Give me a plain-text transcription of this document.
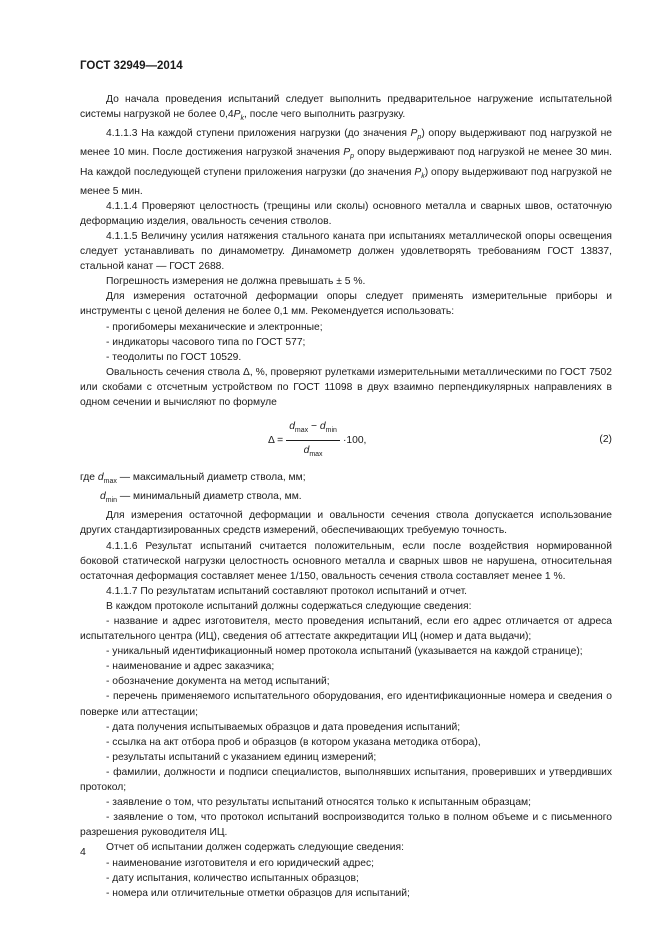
ГОСТ 32949—2014

До начала проведения испытаний следует выполнить предварительное нагружение испытательной системы нагрузкой не более $0,4P_k$, после чего выполнить разгрузку.

4.1.1.3 На каждой ступени приложения нагрузки (до значения $P_р$) опору выдерживают под нагрузкой не менее 10 мин. После достижения нагрузкой значения $P_р$ опору выдерживают под нагрузкой не менее 30 мин. На каждой последующей ступени приложения нагрузки (до значения $P_k$) опору выдерживают под нагрузкой не менее 5 мин.

4.1.1.4 Проверяют целостность (трещины или сколы) основного металла и сварных швов, остаточную деформацию изделия, овальность сечения стволов.

4.1.1.5 Величину усилия натяжения стального каната при испытаниях металлической опоры освещения следует устанавливать по динамометру. Динамометр должен удовлетворять требованиям ГОСТ 13837, стальной канат — ГОСТ 2688.

Погрешность измерения не должна превышать ± 5 %.

Для измерения остаточной деформации опоры следует применять измерительные приборы и инструменты с ценой деления не более 0,1 мм. Рекомендуется использовать:

- прогибомеры механические и электронные;

- индикаторы часового типа по ГОСТ 577;

- теодолиты по ГОСТ 10529.

Овальность сечения ствола Δ, %, проверяют рулетками измерительными металлическими по ГОСТ 7502 или скобами с отсчетным устройством по ГОСТ 11098 в двух взаимно перпендикулярных направлениях в одном сечении и вычисляют по формуле

$\Delta = \frac{d_{max} - d_{min}}{d_{max}} \cdot 100$,	(2)

где $d_{max}$ — максимальный диаметр ствола, мм;

$d_{min}$ — минимальный диаметр ствола, мм.

Для измерения остаточной деформации и овальности сечения ствола допускается использование других стандартизированных средств измерений, обеспечивающих требуемую точность.

4.1.1.6 Результат испытаний считается положительным, если после воздействия нормированной боковой статической нагрузки целостность основного металла и сварных швов не нарушена, относительная остаточная деформация составляет менее 1/150, овальность сечения ствола составляет менее 1 %.

4.1.1.7 По результатам испытаний составляют протокол испытаний и отчет.

В каждом протоколе испытаний должны содержаться следующие сведения:

- название и адрес изготовителя, место проведения испытаний, если его адрес отличается от адреса испытательного центра (ИЦ), сведения об аттестате аккредитации ИЦ (номер и дата выдачи);

- уникальный идентификационный номер протокола испытаний (указывается на каждой странице);

- наименование и адрес заказчика;

- обозначение документа на метод испытаний;

- перечень применяемого испытательного оборудования, его идентификационные номера и сведения о поверке или аттестации;

- дата получения испытываемых образцов и дата проведения испытаний;

- ссылка на акт отбора проб и образцов (в котором указана методика отбора),

- результаты испытаний с указанием единиц измерений;

- фамилии, должности и подписи специалистов, выполнявших испытания, проверивших и утвердивших протокол;

- заявление о том, что результаты испытаний относятся только к испытанным образцам;

- заявление о том, что протокол испытаний воспроизводится только в полном объеме и с письменного разрешения руководителя ИЦ.

Отчет об испытании должен содержать следующие сведения:

- наименование изготовителя и его юридический адрес;

- дату испытания, количество испытанных образцов;

- номера или отличительные отметки образцов для испытаний;

4
